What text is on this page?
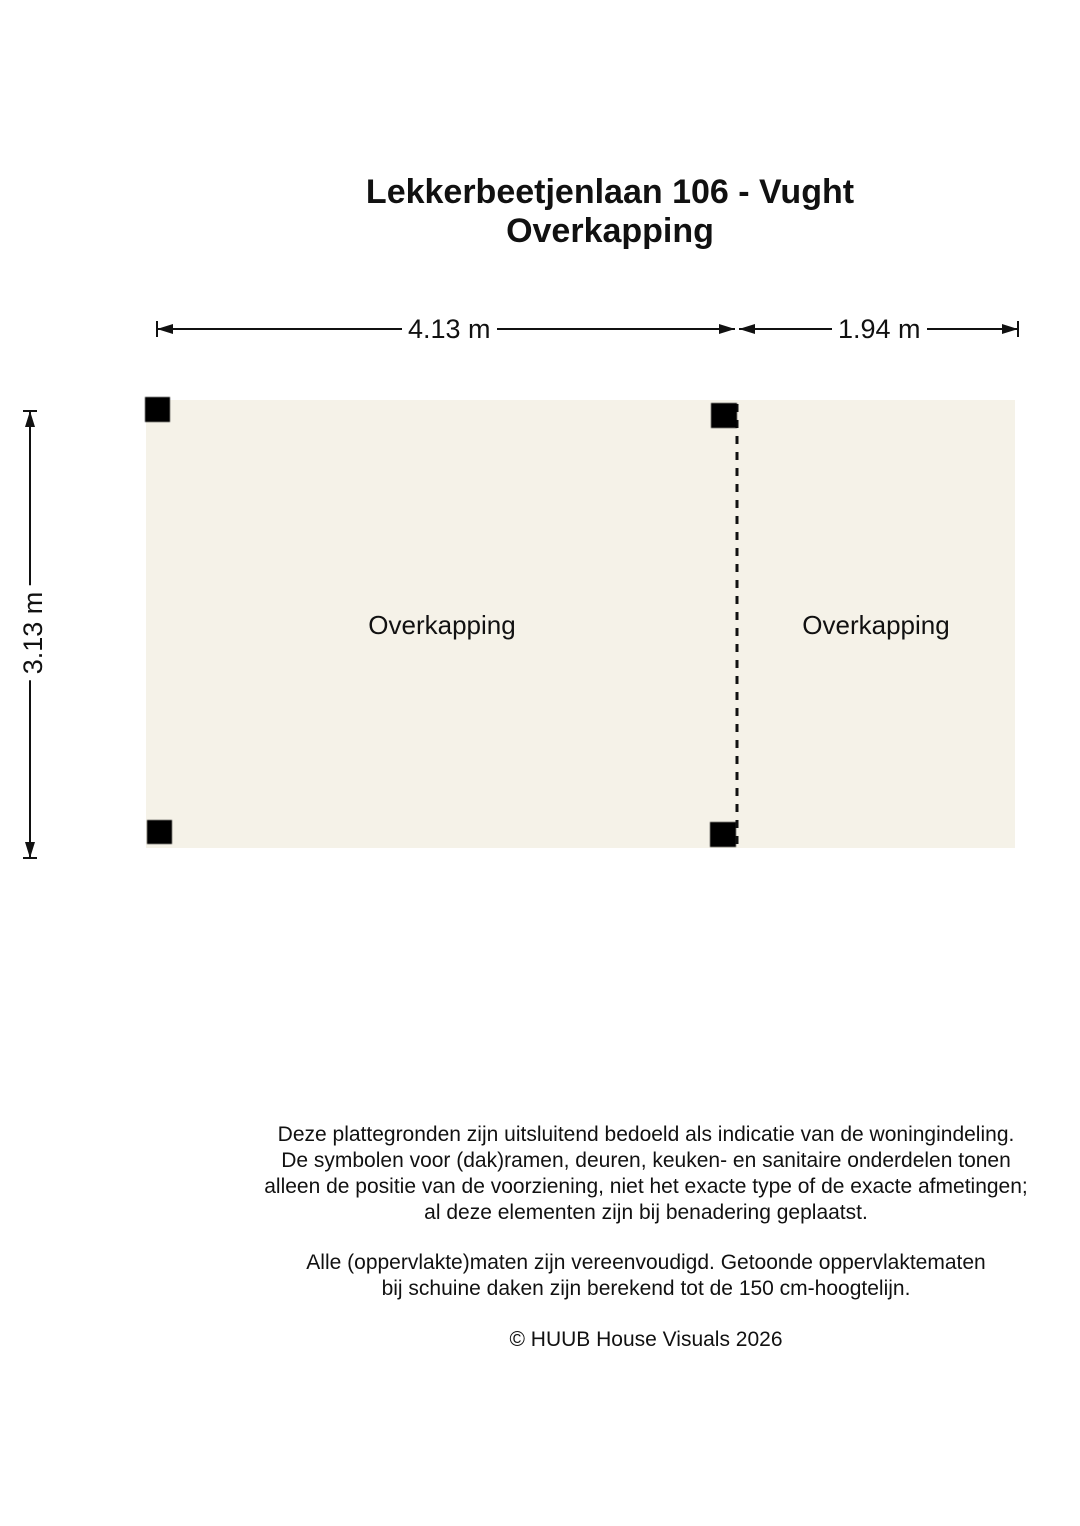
Lekkerbeetjenlaan 106 - Vught
Overkapping
4.13 m	1.94 m
3.13 m	Overkapping	Overkapping

Deze plattegronden zijn uitsluitend bedoeld als indicatie van de woningindeling.

De symbolen voor (dak)ramen, deuren, keuken- en sanitaire onderdelen tonen

alleen de positie van de voorziening, niet het exacte type of de exacte afmetingen;

al deze elementen zijn bij benadering geplaatst.

Alle (oppervlakte)maten zijn vereenvoudigd. Getoonde oppervlaktematen

bij schuine daken zijn berekend tot de 150 cm-hoogtelijn.

© HUUB House Visuals 2026
